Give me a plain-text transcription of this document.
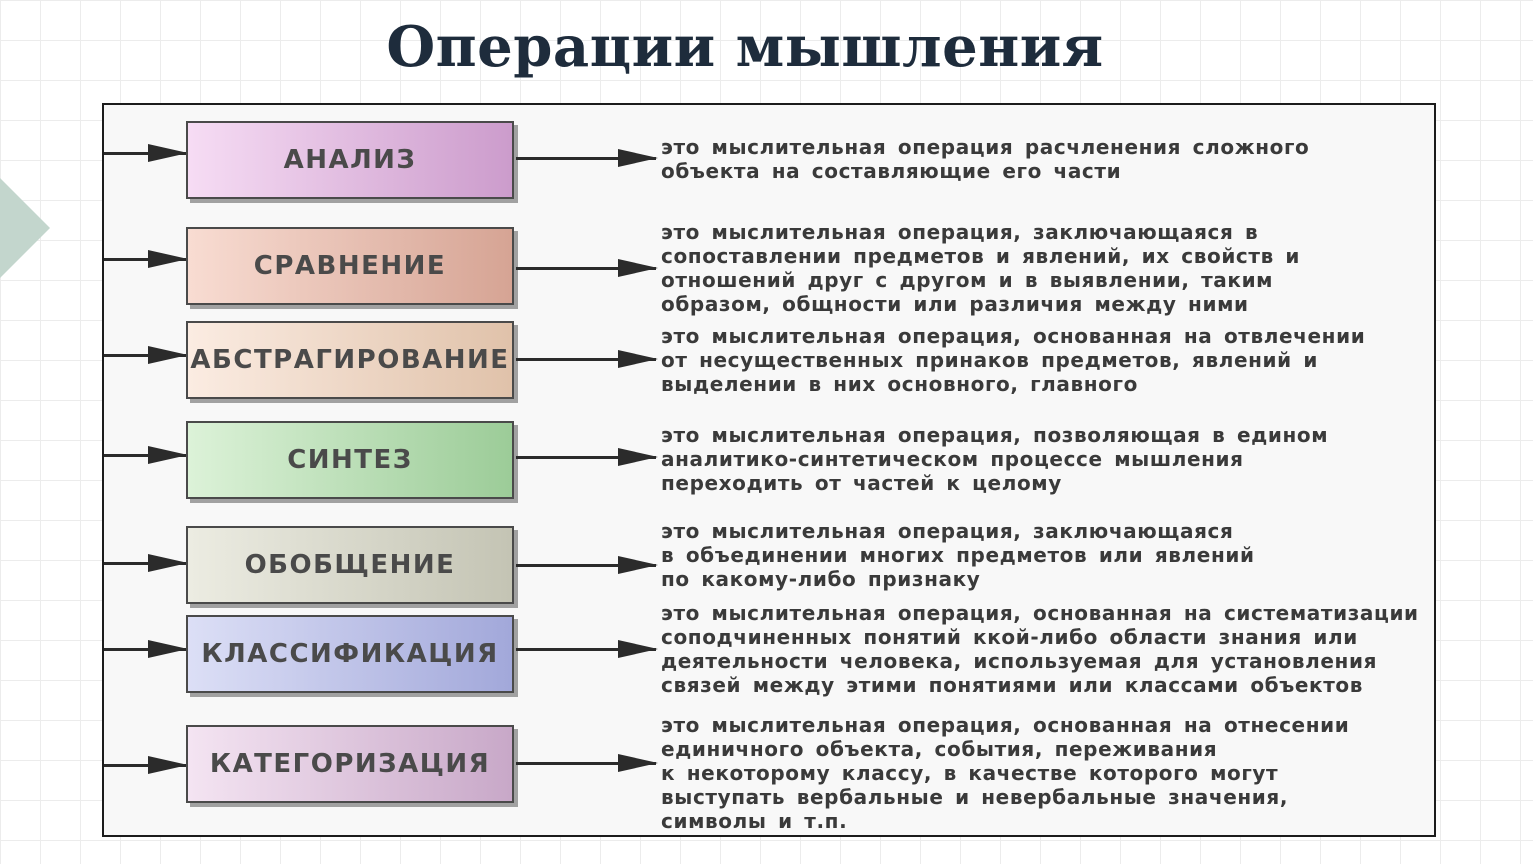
Операции мышления
АНАЛИЗ	это мыслительная операция расчленения сложного
объекта на составляющие его части
СРАВНЕНИЕ
это мыслительная операция, заключающаяся в
сопоставлении предметов и явлений, их свойств и
отношений друг с другом и в выявлении, таким
образом, общности или различия между ними
АБСТРАГИРОВАНИЕ
это мыслительная операция, основанная на отвлечении
от несущественных принаков предметов, явлений и
выделении в них основного, главного
СИНТЕЗ
это мыслительная операция, позволяющая в едином
аналитико-синтетическом процессе мышления
переходить от частей к целому
ОБОБЩЕНИЕ
это мыслительная операция, заключающаяся
в объединении многих предметов или явлений
по какому-либо признаку
КЛАССИФИКАЦИЯ
это мыслительная операция, основанная на систематизации
соподчиненных понятий ккой-либо области знания или
деятельности человека, используемая для установления
связей между этими понятиями или классами объектов
КАТЕГОРИЗАЦИЯ
это мыслительная операция, основанная на отнесении
единичного объекта, события, переживания
к некоторому классу, в качестве которого могут
выступать вербальные и невербальные значения,
символы и т.п.
